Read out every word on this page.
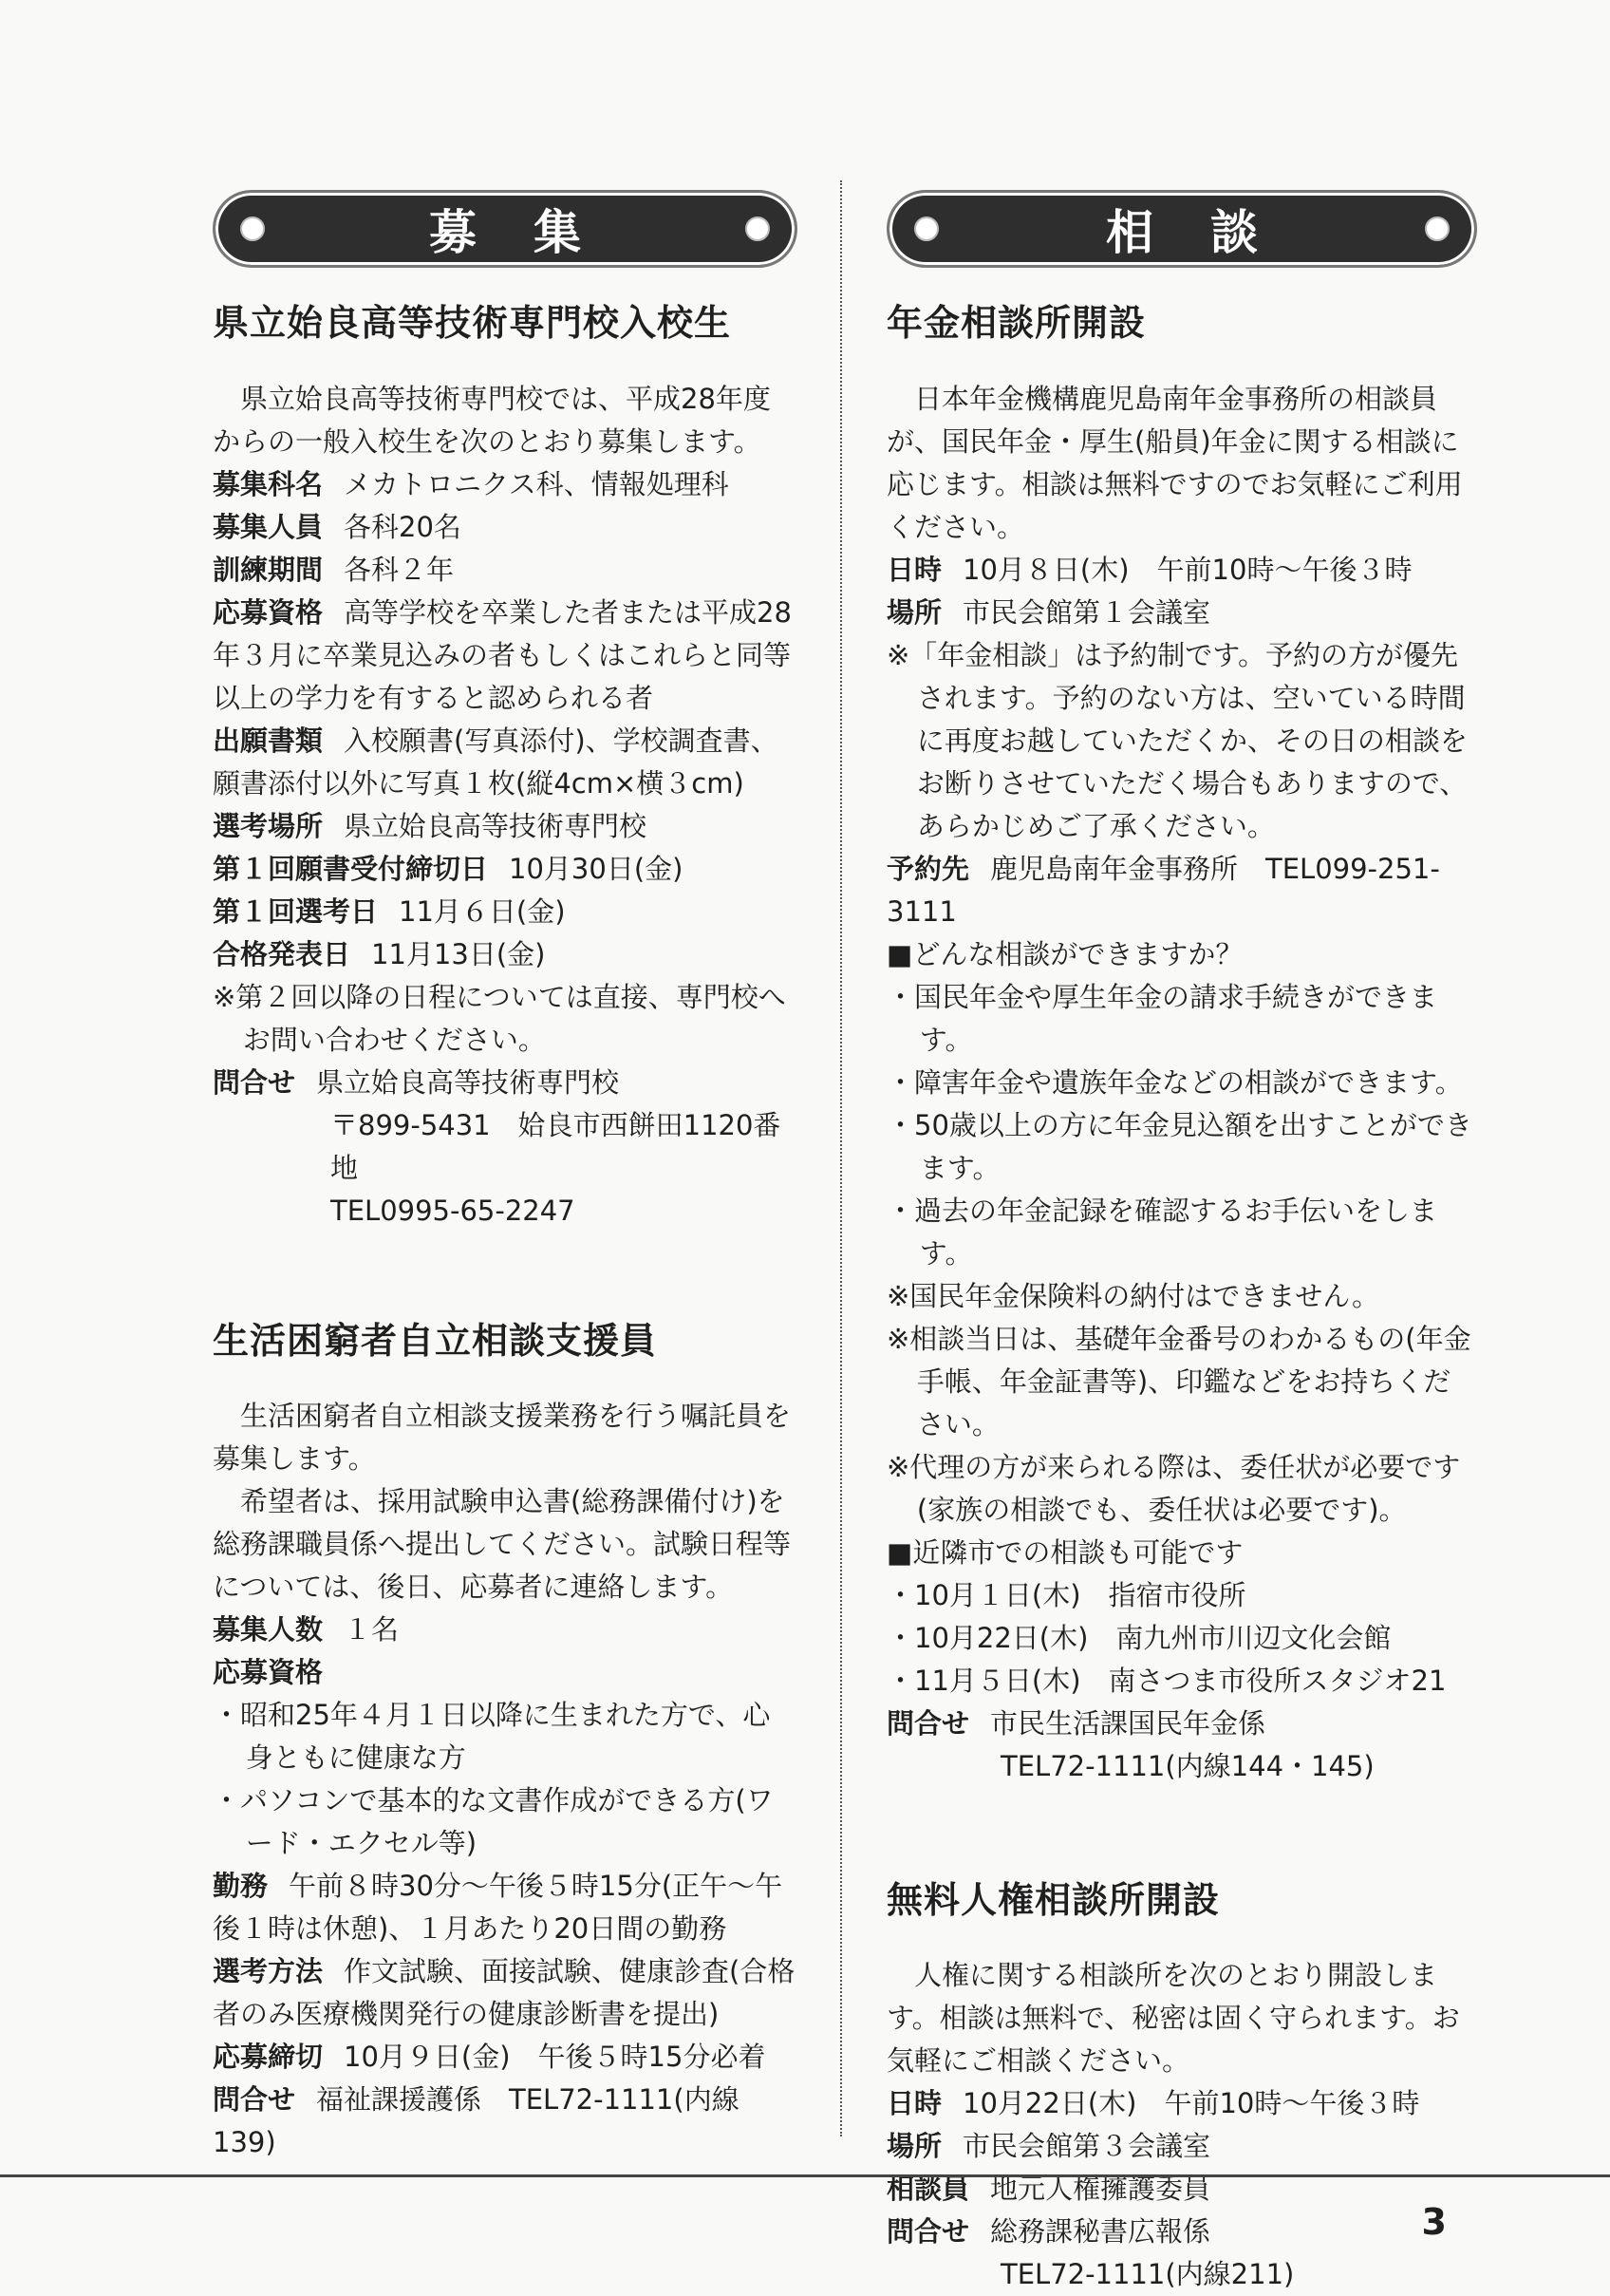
募集
県立始良高等技術専門校入校生

県立姶良高等技術専門校では、平成28年度からの一般入校生を次のとおり募集します。

募集科名 メカトロニクス科、情報処理科
募集人員 各科20名
訓練期間 各科２年
応募資格 高等学校を卒業した者または平成28年３月に卒業見込みの者もしくはこれらと同等以上の学力を有すると認められる者
出願書類 入校願書(写真添付)、学校調査書、願書添付以外に写真１枚(縦4cm×横３cm)
選考場所 県立姶良高等技術専門校
第１回願書受付締切日 10月30日(金)
第１回選考日 11月６日(金)
合格発表日 11月13日(金)

※第２回以降の日程については直接、専門校へお問い合わせください。

問合せ 県立姶良高等技術専門校
〒899-5431　姶良市西餅田1120番地
TEL0995-65-2247
生活困窮者自立相談支援員

生活困窮者自立相談支援業務を行う嘱託員を募集します。

希望者は、採用試験申込書(総務課備付け)を総務課職員係へ提出してください。試験日程等については、後日、応募者に連絡します。

募集人数 １名
応募資格

・昭和25年４月１日以降に生まれた方で、心身ともに健康な方

・パソコンで基本的な文書作成ができる方(ワード・エクセル等)

勤務 午前８時30分～午後５時15分(正午～午後１時は休憩)、１月あたり20日間の勤務
選考方法 作文試験、面接試験、健康診査(合格者のみ医療機関発行の健康診断書を提出)
応募締切 10月９日(金)　午後５時15分必着
問合せ 福祉課援護係　TEL72-1111(内線139)
相談
年金相談所開設

日本年金機構鹿児島南年金事務所の相談員が、国民年金・厚生(船員)年金に関する相談に応じます。相談は無料ですのでお気軽にご利用ください。

日時 10月８日(木)　午前10時～午後３時
場所 市民会館第１会議室

※「年金相談」は予約制です。予約の方が優先されます。予約のない方は、空いている時間に再度お越していただくか、その日の相談をお断りさせていただく場合もありますので、あらかじめご了承ください。

予約先 鹿児島南年金事務所　TEL099-251-3111

■どんな相談ができますか？

・国民年金や厚生年金の請求手続きができます。

・障害年金や遺族年金などの相談ができます。

・50歳以上の方に年金見込額を出すことができます。

・過去の年金記録を確認するお手伝いをします。

※国民年金保険料の納付はできません。

※相談当日は、基礎年金番号のわかるもの(年金手帳、年金証書等)、印鑑などをお持ちください。

※代理の方が来られる際は、委任状が必要です(家族の相談でも、委任状は必要です)。

■近隣市での相談も可能です

・10月１日(木)　指宿市役所

・10月22日(木)　南九州市川辺文化会館

・11月５日(木)　南さつま市役所スタジオ21

問合せ 市民生活課国民年金係
TEL72-1111(内線144・145)
無料人権相談所開設

人権に関する相談所を次のとおり開設します。相談は無料で、秘密は固く守られます。お気軽にご相談ください。

日時 10月22日(木)　午前10時～午後３時
場所 市民会館第３会議室
相談員 地元人権擁護委員
問合せ 総務課秘書広報係
TEL72-1111(内線211)
3
